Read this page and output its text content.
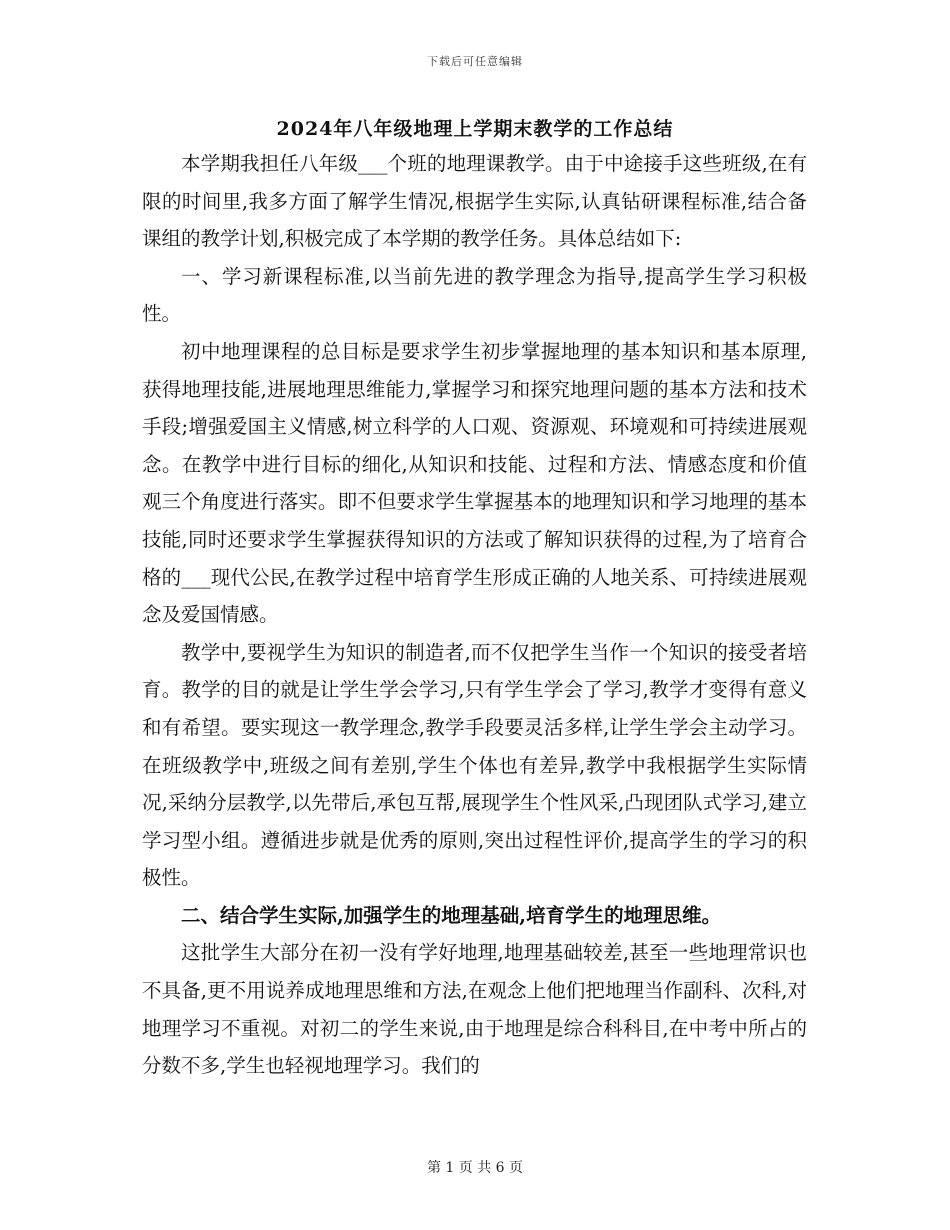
下载后可任意编辑
2024年八年级地理上学期末教学的工作总结

本学期我担任八年级___个班的地理课教学。由于中途接手这些班级,在有限的时间里,我多方面了解学生情况,根据学生实际,认真钻研课程标准,结合备课组的教学计划,积极完成了本学期的教学任务。具体总结如下:

一、学习新课程标准,以当前先进的教学理念为指导,提高学生学习积极性。

初中地理课程的总目标是要求学生初步掌握地理的基本知识和基本原理,获得地理技能,进展地理思维能力,掌握学习和探究地理问题的基本方法和技术手段;增强爱国主义情感,树立科学的人口观、资源观、环境观和可持续进展观念。在教学中进行目标的细化,从知识和技能、过程和方法、情感态度和价值观三个角度进行落实。即不但要求学生掌握基本的地理知识和学习地理的基本技能,同时还要求学生掌握获得知识的方法或了解知识获得的过程,为了培育合格的___现代公民,在教学过程中培育学生形成正确的人地关系、可持续进展观念及爱国情感。

教学中,要视学生为知识的制造者,而不仅把学生当作一个知识的接受者培育。教学的目的就是让学生学会学习,只有学生学会了学习,教学才变得有意义和有希望。要实现这一教学理念,教学手段要灵活多样,让学生学会主动学习。在班级教学中,班级之间有差别,学生个体也有差异,教学中我根据学生实际情况,采纳分层教学,以先带后,承包互帮,展现学生个性风采,凸现团队式学习,建立学习型小组。遵循进步就是优秀的原则,突出过程性评价,提高学生的学习的积极性。

二、结合学生实际,加强学生的地理基础,培育学生的地理思维。

这批学生大部分在初一没有学好地理,地理基础较差,甚至一些地理常识也不具备,更不用说养成地理思维和方法,在观念上他们把地理当作副科、次科,对地理学习不重视。对初二的学生来说,由于地理是综合科科目,在中考中所占的分数不多,学生也轻视地理学习。我们的

第 1 页 共 6 页
